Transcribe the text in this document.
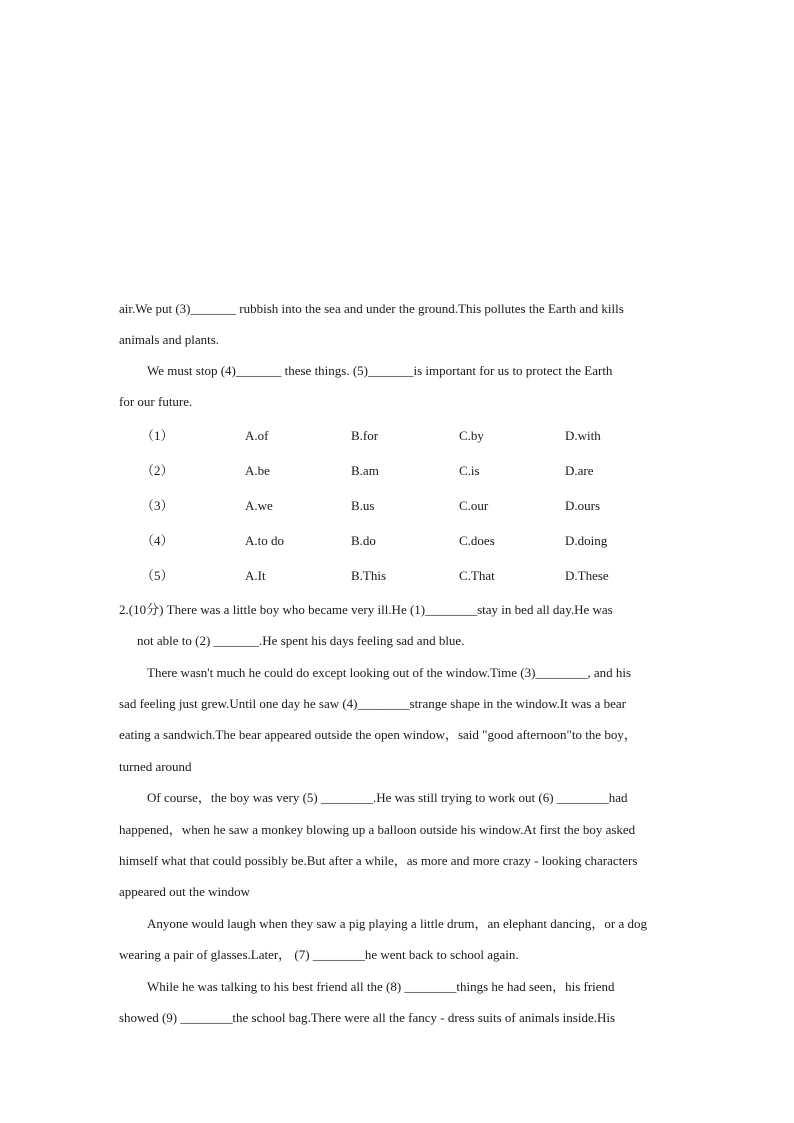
air.We put (3)_______ rubbish into the sea and under the ground.This pollutes the Earth and kills
animals and plants.
We must stop (4)_______ these things. (5)_______is important for us to protect the Earth
for our future.
（1）	A.of	B.for	C.by	D.with
（2）	A.be	B.am	C.is	D.are
（3）	A.we	B.us	C.our	D.ours
（4）	A.to do	B.do	C.does	D.doing
（5）	A.It	B.This	C.That	D.These
2.(10分) There was a little boy who became very ill.He (1)________stay in bed all day.He was
not able to (2) _______.He spent his days feeling sad and blue.
There wasn't much he could do except looking out of the window.Time (3)________, and his
sad feeling just grew.Until one day he saw (4)________strange shape in the window.It was a bear
eating a sandwich.The bear appeared outside the open window，said "good afternoon"to the boy，
turned around
Of course，the boy was very (5) ________.He was still trying to work out (6) ________had
happened，when he saw a monkey blowing up a balloon outside his window.At first the boy asked
himself what that could possibly be.But after a while，as more and more crazy - looking characters
appeared out the window
Anyone would laugh when they saw a pig playing a little drum，an elephant dancing，or a dog
wearing a pair of glasses.Later， (7) ________he went back to school again.
While he was talking to his best friend all the (8) ________things he had seen，his friend
showed (9) ________the school bag.There were all the fancy - dress suits of animals inside.His
